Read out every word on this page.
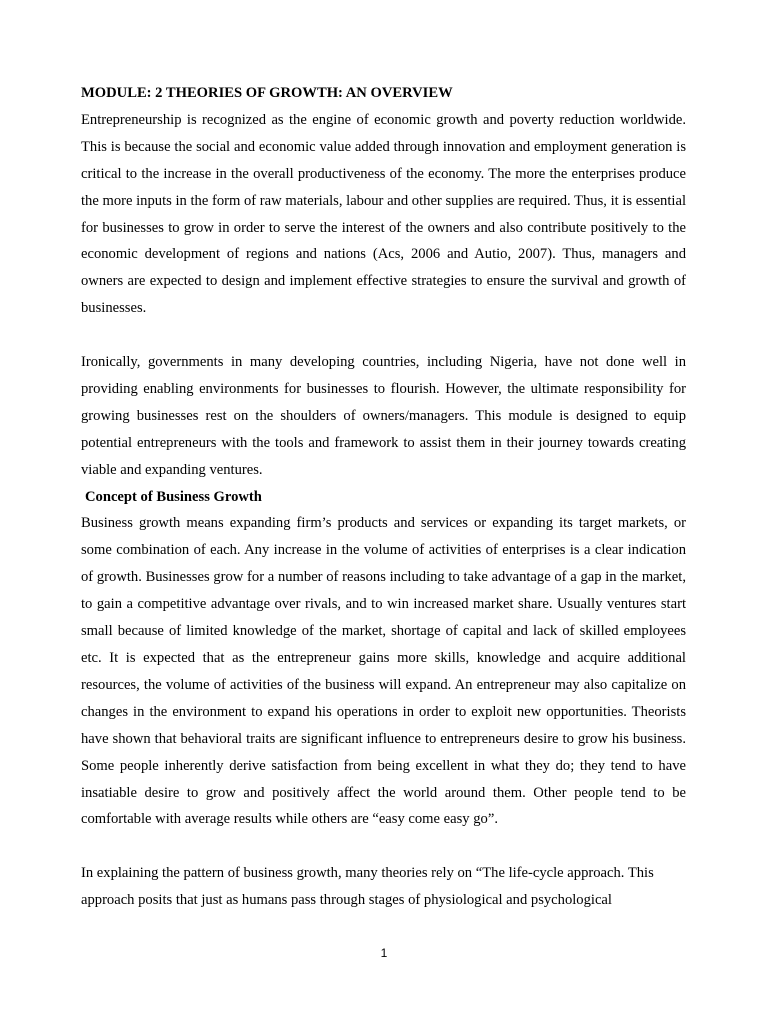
MODULE: 2 THEORIES OF GROWTH: AN OVERVIEW

Entrepreneurship is recognized as the engine of economic growth and poverty reduction worldwide. This is because the social and economic value added through innovation and employment generation is critical to the increase in the overall productiveness of the economy. The more the enterprises produce the more inputs in the form of raw materials, labour and other supplies are required. Thus, it is essential for businesses to grow in order to serve the interest of the owners and also contribute positively to the economic development of regions and nations (Acs, 2006 and Autio, 2007). Thus, managers and owners are expected to design and implement effective strategies to ensure the survival and growth of businesses.

Ironically, governments in many developing countries, including Nigeria, have not done well in providing enabling environments for businesses to flourish. However, the ultimate responsibility for growing businesses rest on the shoulders of owners/managers. This module is designed to equip potential entrepreneurs with the tools and framework to assist them in their journey towards creating viable and expanding ventures.

Concept of Business Growth

Business growth means expanding firm’s products and services or expanding its target markets, or some combination of each. Any increase in the volume of activities of enterprises is a clear indication of growth. Businesses grow for a number of reasons including to take advantage of a gap in the market, to gain a competitive advantage over rivals, and to win increased market share. Usually ventures start small because of limited knowledge of the market, shortage of capital and lack of skilled employees etc. It is expected that as the entrepreneur gains more skills, knowledge and acquire additional resources, the volume of activities of the business will expand. An entrepreneur may also capitalize on changes in the environment to expand his operations in order to exploit new opportunities. Theorists have shown that behavioral traits are significant influence to entrepreneurs desire to grow his business. Some people inherently derive satisfaction from being excellent in what they do; they tend to have insatiable desire to grow and positively affect the world around them. Other people tend to be comfortable with average results while others are “easy come easy go”.

In explaining the pattern of business growth, many theories rely on “The life-cycle approach. This approach posits that just as humans pass through stages of physiological and psychological

1
